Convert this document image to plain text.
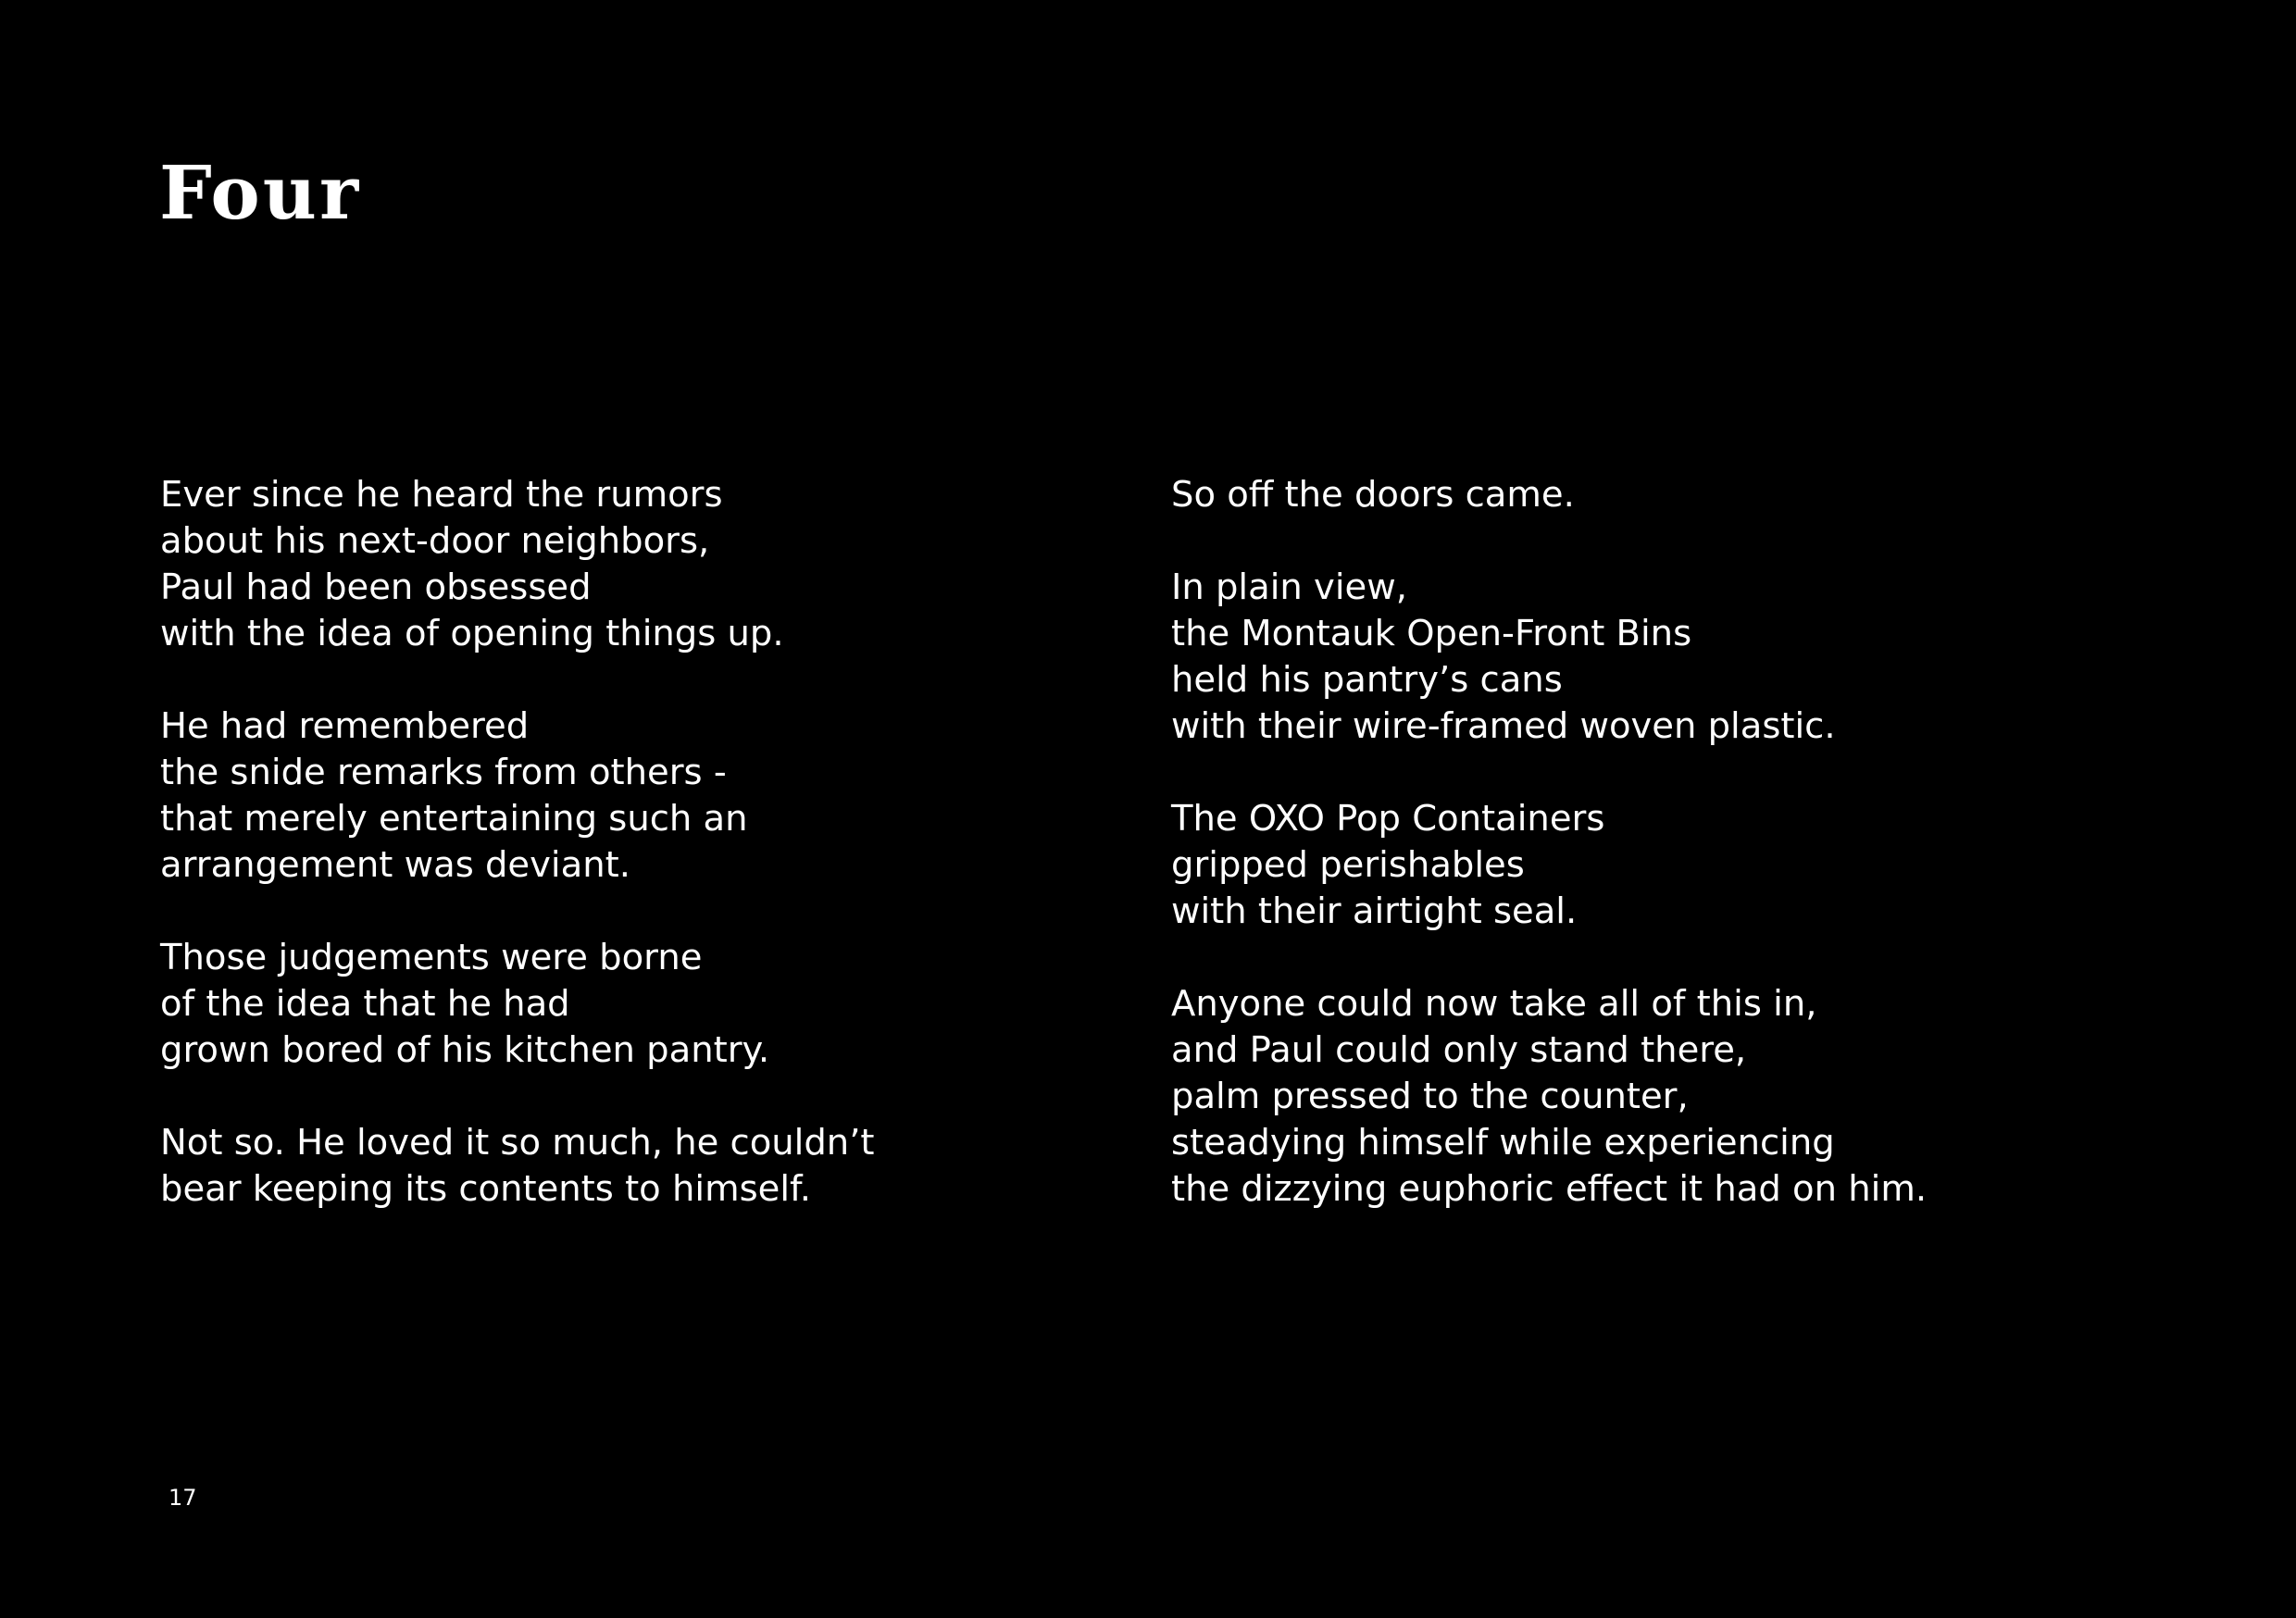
Four

Ever since he heard the rumors
about his next-door neighbors,
Paul had been obsessed
with the idea of opening things up.

He had remembered
the snide remarks from others -
that merely entertaining such an
arrangement was deviant.

Those judgements were borne
of the idea that he had
grown bored of his kitchen pantry.

Not so. He loved it so much, he couldn’t
bear keeping its contents to himself.

So off the doors came.

In plain view,
the Montauk Open-Front Bins
held his pantry’s cans
with their wire-framed woven plastic.

The OXO Pop Containers
gripped perishables
with their airtight seal.

Anyone could now take all of this in,
and Paul could only stand there,
palm pressed to the counter,
steadying himself while experiencing
the dizzying euphoric effect it had on him.

17
